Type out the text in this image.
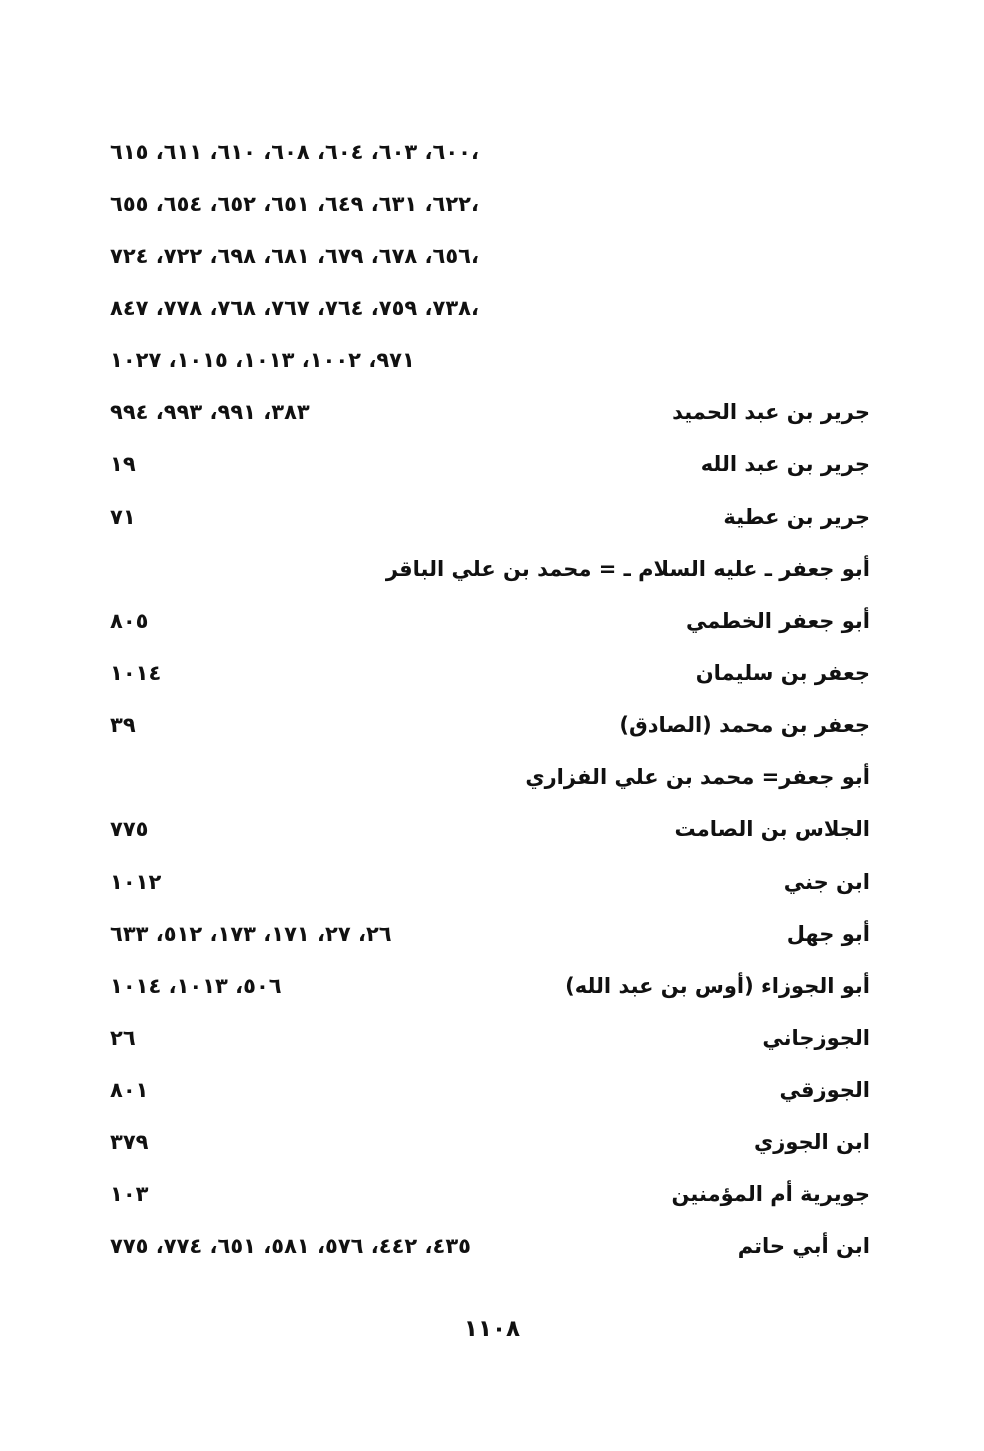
٦٠٠، ٦٠٣، ٦٠٤، ٦٠٨، ٦١٠، ٦١١، ٦١٥،
٦٢٢، ٦٣١، ٦٤٩، ٦٥١، ٦٥٢، ٦٥٤، ٦٥٥،
٦٥٦، ٦٧٨، ٦٧٩، ٦٨١، ٦٩٨، ٧٢٢، ٧٢٤،
٧٣٨، ٧٥٩، ٧٦٤، ٧٦٧، ٧٦٨، ٧٧٨، ٨٤٧،
٩٧١، ١٠٠٢، ١٠١٣، ١٠١٥، ١٠٢٧
جرير بن عبد الحميد
٣٨٣، ٩٩١، ٩٩٣، ٩٩٤
جرير بن عبد الله
١٩
جرير بن عطية
٧١
أبو جعفر ـ عليه السلام ـ = محمد بن علي الباقر
أبو جعفر الخطمي
٨٠٥
جعفر بن سليمان
١٠١٤
جعفر بن محمد (الصادق)
٣٩
أبو جعفر= محمد بن علي الفزاري
الجلاس بن الصامت
٧٧٥
ابن جني
١٠١٢
أبو جهل
٢٦، ٢٧، ١٧١، ١٧٣، ٥١٢، ٦٣٣
أبو الجوزاء (أوس بن عبد الله)
٥٠٦، ١٠١٣، ١٠١٤
الجوزجاني
٢٦
الجوزقي
٨٠١
ابن الجوزي
٣٧٩
جويرية أم المؤمنين
١٠٣
ابن أبي حاتم
٤٣٥، ٤٤٢، ٥٧٦، ٥٨١، ٦٥١، ٧٧٤، ٧٧٥
١١٠٨
